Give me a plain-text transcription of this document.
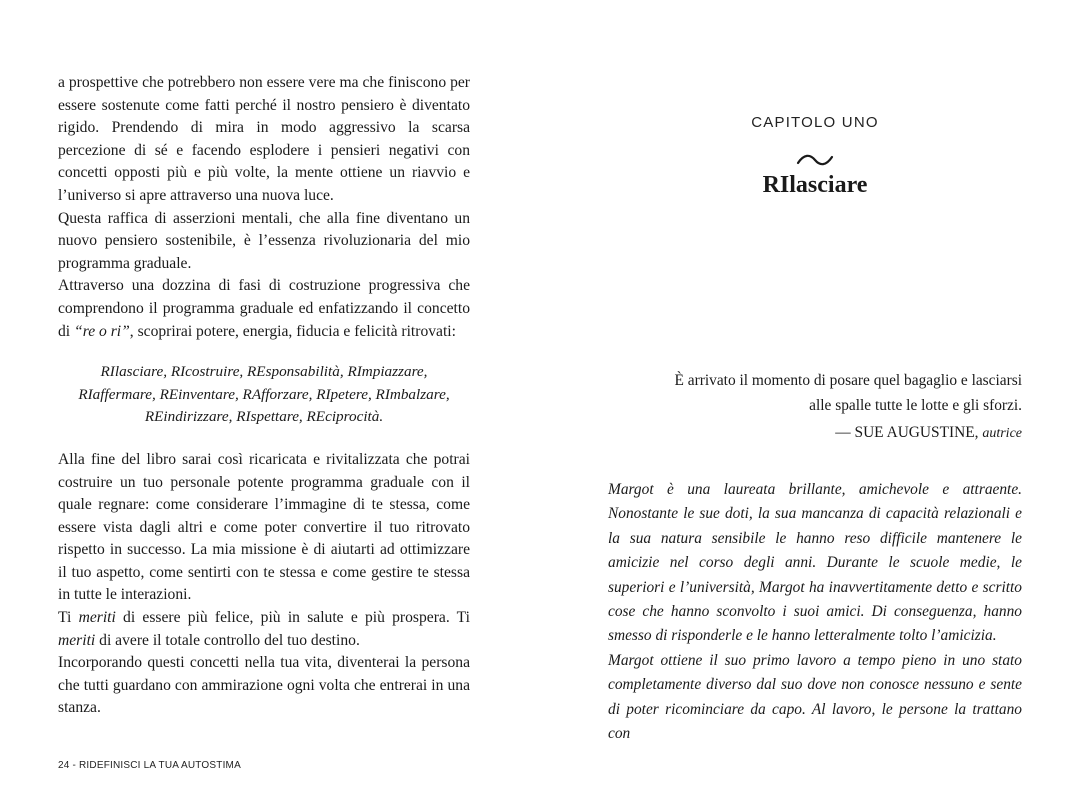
a prospettive che potrebbero non essere vere ma che finiscono per essere sostenute come fatti perché il nostro pensiero è diventato rigido. Prendendo di mira in modo aggressivo la scarsa percezione di sé e facendo esplodere i pensieri negativi con concetti opposti più e più volte, la mente ottiene un riavvio e l’universo si apre attraverso una nuova luce.

Questa raffica di asserzioni mentali, che alla fine diventano un nuovo pensiero sostenibile, è l’essenza rivoluzionaria del mio programma graduale.

Attraverso una dozzina di fasi di costruzione progressiva che comprendono il programma graduale ed enfatizzando il concetto di “re o ri”, scoprirai potere, energia, fiducia e felicità ritrovati:

RIlasciare, RIcostruire, REsponsabilità, RImpiazzare,
RIaffermare, REinventare, RAfforzare, RIpetere, RImbalzare,
REindirizzare, RIspettare, REciprocità.

Alla fine del libro sarai così ricaricata e rivitalizzata che potrai costruire un tuo personale potente programma graduale con il quale regnare: come considerare l’immagine di te stessa, come essere vista dagli altri e come poter convertire il tuo ritrovato rispetto in successo. La mia missione è di aiutarti ad ottimizzare il tuo aspetto, come sentirti con te stessa e come gestire te stessa in tutte le interazioni.

Ti meriti di essere più felice, più in salute e più prospera. Ti meriti di avere il totale controllo del tuo destino.

Incorporando questi concetti nella tua vita, diventerai la persona che tutti guardano con ammirazione ogni volta che entrerai in una stanza.

24 - RIDEFINISCI LA TUA AUTOSTIMA
CAPITOLO UNO
RIlasciare
È arrivato il momento di posare quel bagaglio e lasciarsi
alle spalle tutte le lotte e gli sforzi.
— SUE AUGUSTINE, autrice

Margot è una laureata brillante, amichevole e attraente. Nonostante le sue doti, la sua mancanza di capacità relazionali e la sua natura sensibile le hanno reso difficile mantenere le amicizie nel corso degli anni. Durante le scuole medie, le superiori e l’università, Margot ha inavvertitamente detto e scritto cose che hanno sconvolto i suoi amici. Di conseguenza, hanno smesso di risponderle e le hanno letteralmente tolto l’amicizia.

Margot ottiene il suo primo lavoro a tempo pieno in uno stato completamente diverso dal suo dove non conosce nessuno e sente di poter ricominciare da capo. Al lavoro, le persone la trattano con
